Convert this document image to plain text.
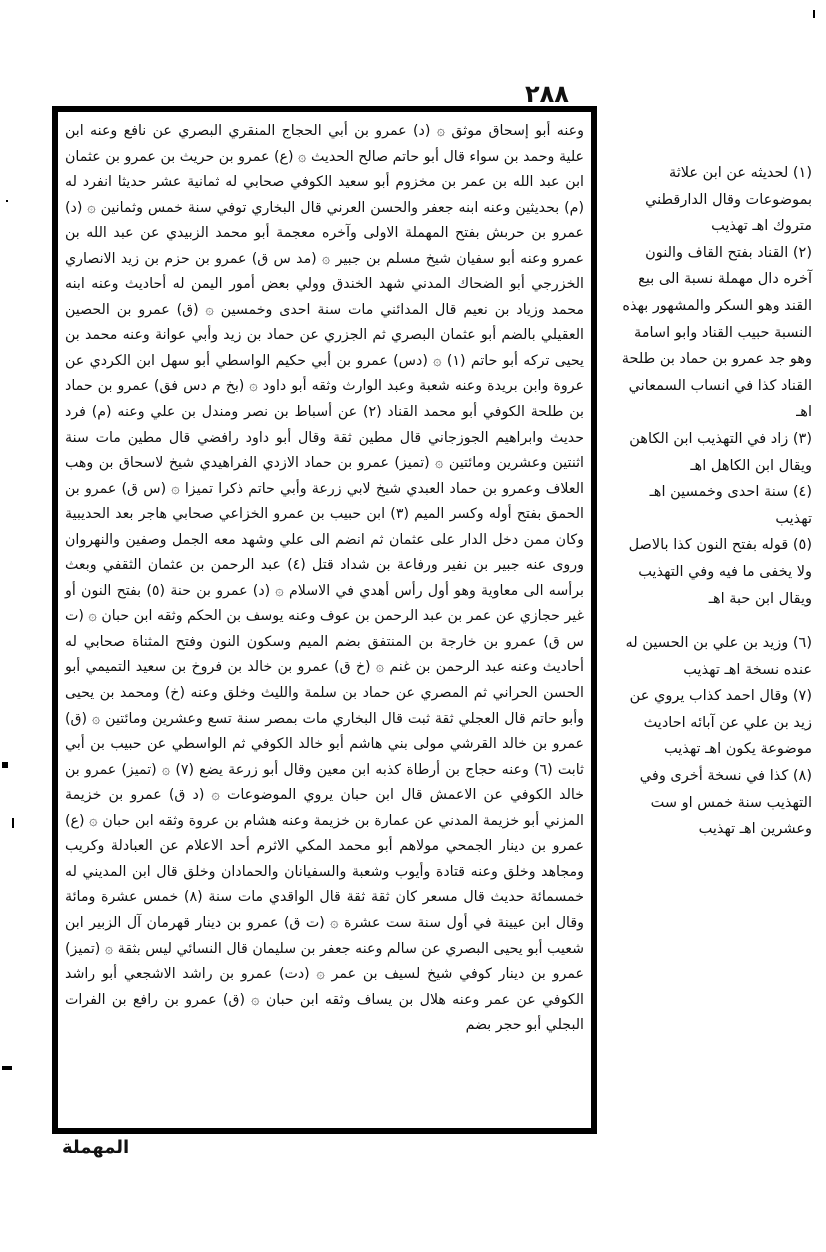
٢٨٨
وعنه أبو إسحاق موثق ۞ (د) عمرو بن أبي الحجاج المنقري البصري عن نافع وعنه ابن علية وحمد بن سواء قال أبو حاتم صالح الحديث ۞ (ع) عمرو بن حريث بن عمرو بن عثمان ابن عبد الله بن عمر بن مخزوم أبو سعيد الكوفي صحابي له ثمانية عشر حديثا انفرد له (م) بحديثين وعنه ابنه جعفر والحسن العرني قال البخاري توفي سنة خمس وثمانين ۞ (د) عمرو بن حربش بفتح المهملة الاولى وآخره معجمة أبو محمد الزبيدي عن عبد الله بن عمرو وعنه أبو سفيان شيخ مسلم بن جبير ۞ (مد س ق) عمرو بن حزم بن زيد الانصاري الخزرجي أبو الضحاك المدني شهد الخندق وولي بعض أمور اليمن له أحاديث وعنه ابنه محمد وزياد بن نعيم قال المدائني مات سنة احدى وخمسين ۞ (ق) عمرو بن الحصين العقيلي بالضم أبو عثمان البصري ثم الجزري عن حماد بن زيد وأبي عوانة وعنه محمد بن يحيى تركه أبو حاتم (١) ۞ (دس) عمرو بن أبي حكيم الواسطي أبو سهل ابن الكردي عن عروة وابن بريدة وعنه شعبة وعبد الوارث وثقه أبو داود ۞ (بخ م دس فق) عمرو بن حماد بن طلحة الكوفي أبو محمد القناد (٢) عن أسباط بن نصر ومندل بن علي وعنه (م) فرد حديث وابراهيم الجوزجاني قال مطين ثقة وقال أبو داود رافضي قال مطين مات سنة اثنتين وعشرين ومائتين ۞ (تميز) عمرو بن حماد الازدي الفراهيدي شيخ لاسحاق بن وهب العلاف وعمرو بن حماد العبدي شيخ لابي زرعة وأبي حاتم ذكرا تميزا ۞ (س ق) عمرو بن الحمق بفتح أوله وكسر الميم (٣) ابن حبيب بن عمرو الخزاعي صحابي هاجر بعد الحديبية وكان ممن دخل الدار على عثمان ثم انضم الى علي وشهد معه الجمل وصفين والنهروان وروى عنه جبير بن نفير ورفاعة بن شداد قتل (٤) عبد الرحمن بن عثمان الثقفي وبعث برأسه الى معاوية وهو أول رأس أهدي في الاسلام ۞ (د) عمرو بن حنة (٥) بفتح النون أو غير حجازي عن عمر بن عبد الرحمن بن عوف وعنه يوسف بن الحكم وثقه ابن حبان ۞ (ت س ق) عمرو بن خارجة بن المنتفق بضم الميم وسكون النون وفتح المثناة صحابي له أحاديث وعنه عبد الرحمن بن غنم ۞ (خ ق) عمرو بن خالد بن فروخ بن سعيد التميمي أبو الحسن الحراني ثم المصري عن حماد بن سلمة والليث وخلق وعنه (خ) ومحمد بن يحيى وأبو حاتم قال العجلي ثقة ثبت قال البخاري مات بمصر سنة تسع وعشرين ومائتين ۞ (ق) عمرو بن خالد القرشي مولى بني هاشم أبو خالد الكوفي ثم الواسطي عن حبيب بن أبي ثابت (٦) وعنه حجاج بن أرطاة كذبه ابن معين وقال أبو زرعة يضع (٧) ۞ (تميز) عمرو بن خالد الكوفي عن الاعمش قال ابن حبان يروي الموضوعات ۞ (د ق) عمرو بن خزيمة المزني أبو خزيمة المدني عن عمارة بن خزيمة وعنه هشام بن عروة وثقه ابن حبان ۞ (ع) عمرو بن دينار الجمحي مولاهم أبو محمد المكي الاثرم أحد الاعلام عن العبادلة وكريب ومجاهد وخلق وعنه قتادة وأيوب وشعبة والسفيانان والحمادان وخلق قال ابن المديني له خمسمائة حديث قال مسعر كان ثقة ثقة قال الواقدي مات سنة (٨) خمس عشرة ومائة وقال ابن عيينة في أول سنة ست عشرة ۞ (ت ق) عمرو بن دينار قهرمان آل الزبير ابن شعيب أبو يحيى البصري عن سالم وعنه جعفر بن سليمان قال النسائي ليس بثقة ۞ (تميز) عمرو بن دينار كوفي شيخ لسيف بن عمر ۞ (دت) عمرو بن راشد الاشجعي أبو راشد الكوفي عن عمر وعنه هلال بن يساف وثقه ابن حبان ۞ (ق) عمرو بن رافع بن الفرات البجلي أبو حجر بضم

(١) لحديثه عن ابن علاثة بموضوعات وقال الدارقطني متروك اهـ تهذيب

(٢) القناد بفتح القاف والنون آخره دال مهملة نسبة الى بيع القند وهو السكر والمشهور بهذه النسبة حبيب القناد وابو اسامة وهو جد عمرو بن حماد بن طلحة القناد كذا في انساب السمعاني اهـ

(٣) زاد في التهذيب ابن الكاهن ويقال ابن الكاهل اهـ

(٤) سنة احدى وخمسين اهـ تهذيب

(٥) قوله بفتح النون كذا بالاصل ولا يخفى ما فيه وفي التهذيب ويقال ابن حبة اهـ

(٦) وزيد بن علي بن الحسين له عنده نسخة اهـ تهذيب

(٧) وقال احمد كذاب يروي عن زيد بن علي عن آبائه احاديث موضوعة يكون اهـ تهذيب

(٨) كذا في نسخة أخرى وفي التهذيب سنة خمس او ست وعشرين اهـ تهذيب

المهملة
